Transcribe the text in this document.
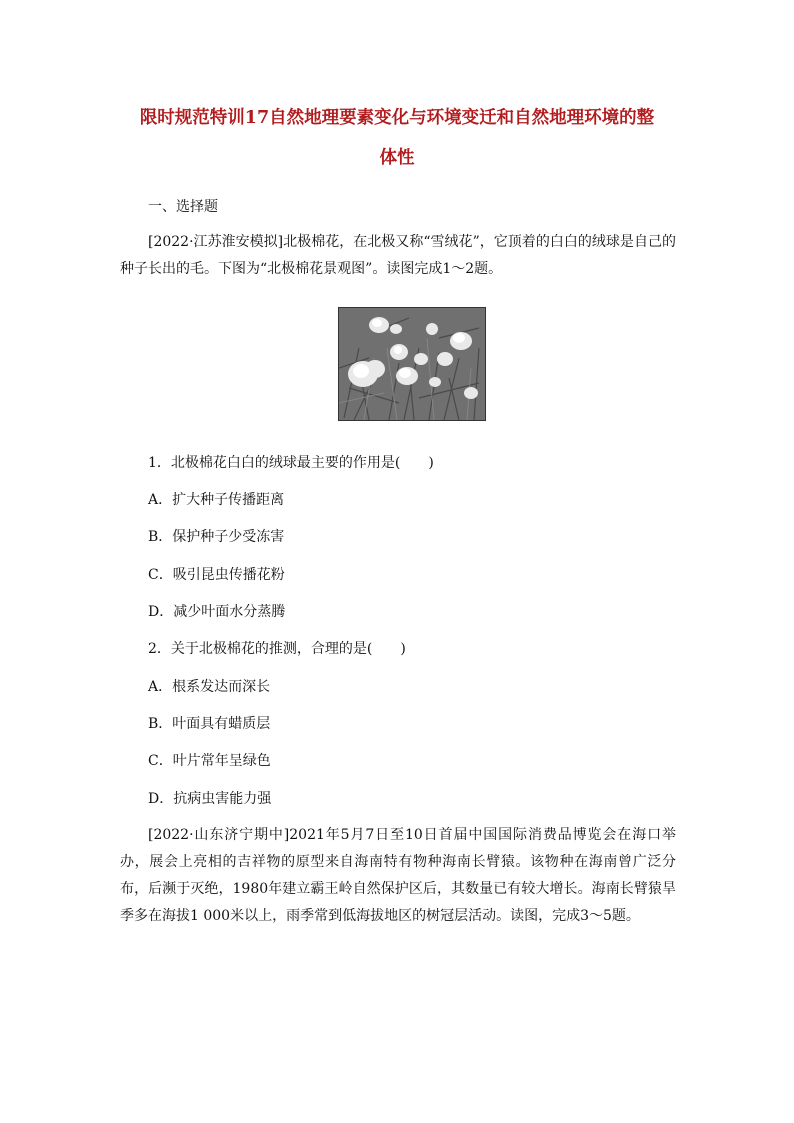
限时规范特训17自然地理要素变化与环境变迁和自然地理环境的整
体性
一、选择题
[2022·江苏淮安模拟]北极棉花，在北极又称“雪绒花”，它顶着的白白的绒球是自己的种子长出的毛。下图为“北极棉花景观图”。读图完成1～2题。
1．北极棉花白白的绒球最主要的作用是(　　)
A．扩大种子传播距离
B．保护种子少受冻害
C．吸引昆虫传播花粉
D．减少叶面水分蒸腾
2．关于北极棉花的推测，合理的是(　　)
A．根系发达而深长
B．叶面具有蜡质层
C．叶片常年呈绿色
D．抗病虫害能力强
[2022·山东济宁期中]2021年5月7日至10日首届中国国际消费品博览会在海口举办，展会上亮相的吉祥物的原型来自海南特有物种海南长臂猿。该物种在海南曾广泛分布，后濒于灭绝，1980年建立霸王岭自然保护区后，其数量已有较大增长。海南长臂猿旱季多在海拔1 000米以上，雨季常到低海拔地区的树冠层活动。读图，完成3～5题。
